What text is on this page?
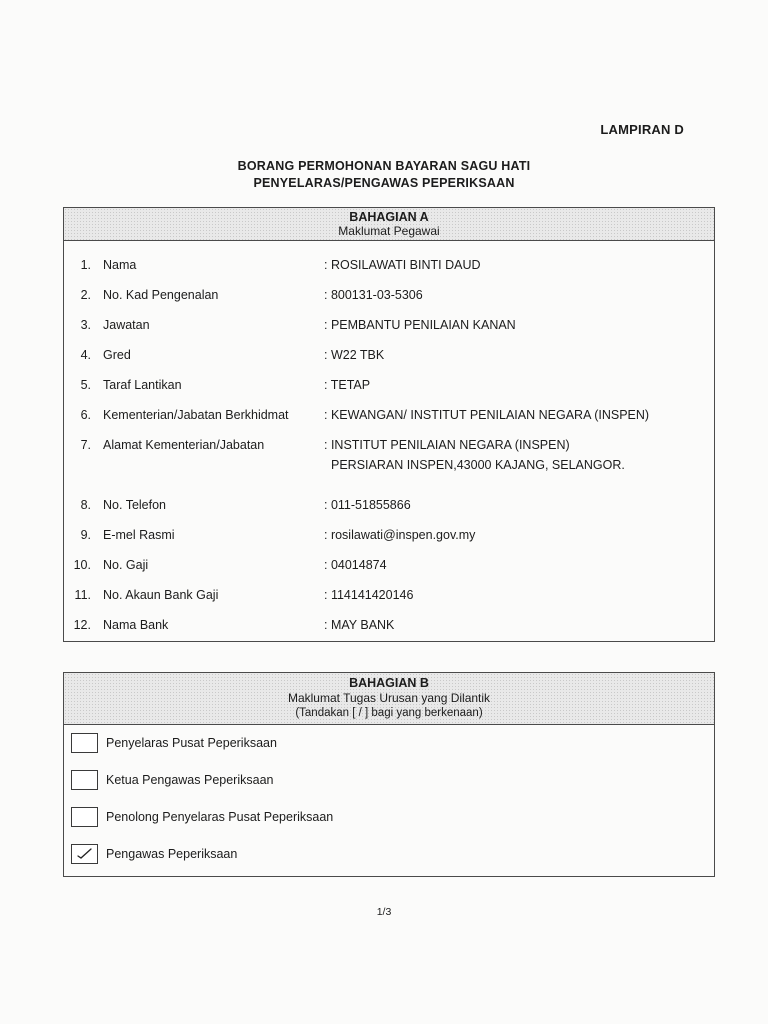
LAMPIRAN D
BORANG PERMOHONAN BAYARAN SAGU HATI
PENYELARAS/PENGAWAS PEPERIKSAAN
BAHAGIAN A
Maklumat Pegawai
1. Nama	: ROSILAWATI BINTI DAUD
2. No. Kad Pengenalan	: 800131-03-5306
3. Jawatan	: PEMBANTU PENILAIAN KANAN
4. Gred	: W22 TBK
5. Taraf Lantikan	: TETAP
6. Kementerian/Jabatan Berkhidmat	: KEWANGAN/ INSTITUT PENILAIAN NEGARA (INSPEN)
7. Alamat Kementerian/Jabatan	: INSTITUT PENILAIAN NEGARA (INSPEN)
PERSIARAN INSPEN,43000 KAJANG, SELANGOR.
8. No. Telefon	: 011-51855866
9. E-mel Rasmi	: rosilawati@inspen.gov.my
10. No. Gaji	: 04014874
11. No. Akaun Bank Gaji	: 114141420146
12. Nama Bank	: MAY BANK
BAHAGIAN B
Maklumat Tugas Urusan yang Dilantik
(Tandakan [ / ] bagi yang berkenaan)
Penyelaras Pusat Peperiksaan
Ketua Pengawas Peperiksaan
Penolong Penyelaras Pusat Peperiksaan
Pengawas Peperiksaan
1/3
